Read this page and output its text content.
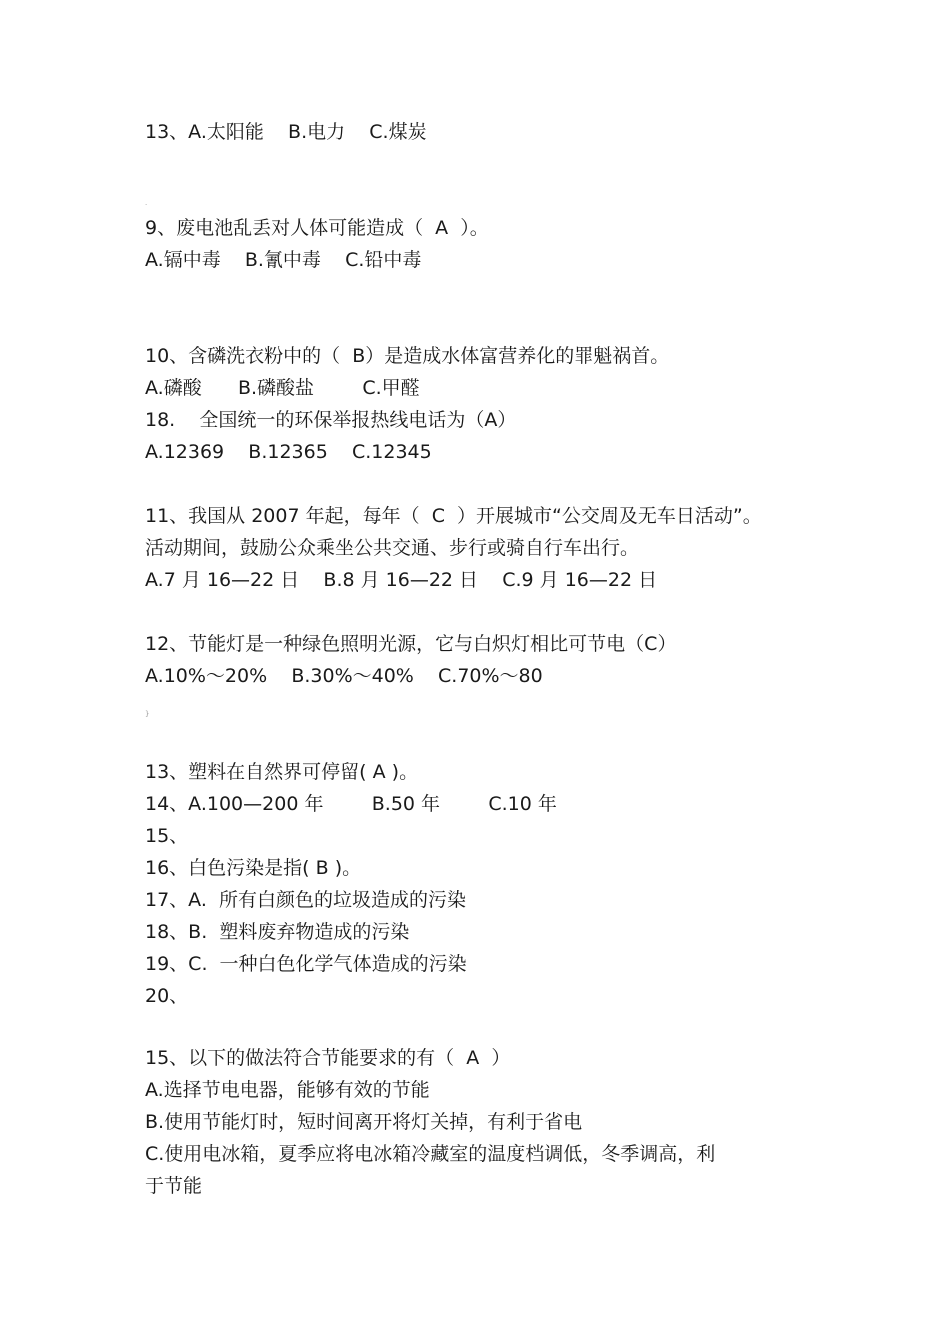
13、A.太阳能    B.电力    C.煤炭
.
9、废电池乱丢对人体可能造成（  A  ）。
A.镉中毒    B.氰中毒    C.铅中毒
10、含磷洗衣粉中的（  B）是造成水体富营养化的罪魁祸首。
A.磷酸      B.磷酸盐        C.甲醛
18.    全国统一的环保举报热线电话为（A）
A.12369    B.12365    C.12345
11、我国从 2007 年起，每年（  C  ）开展城市“公交周及无车日活动”。
活动期间，鼓励公众乘坐公共交通、步行或骑自行车出行。
A.7 月 16—22 日    B.8 月 16—22 日    C.9 月 16—22 日
12、节能灯是一种绿色照明光源，它与白炽灯相比可节电（C）
A.10%～20%    B.30%～40%    C.70%～80
}
13、塑料在自然界可停留( A )。
14、A.100—200 年        B.50 年        C.10 年
15、
16、白色污染是指( B )。
17、A.  所有白颜色的垃圾造成的污染
18、B.  塑料废弃物造成的污染
19、C.  一种白色化学气体造成的污染
20、
15、以下的做法符合节能要求的有（  A  ）
A.选择节电电器，能够有效的节能
B.使用节能灯时，短时间离开将灯关掉，有利于省电
C.使用电冰箱，夏季应将电冰箱冷藏室的温度档调低，冬季调高，利
于节能
